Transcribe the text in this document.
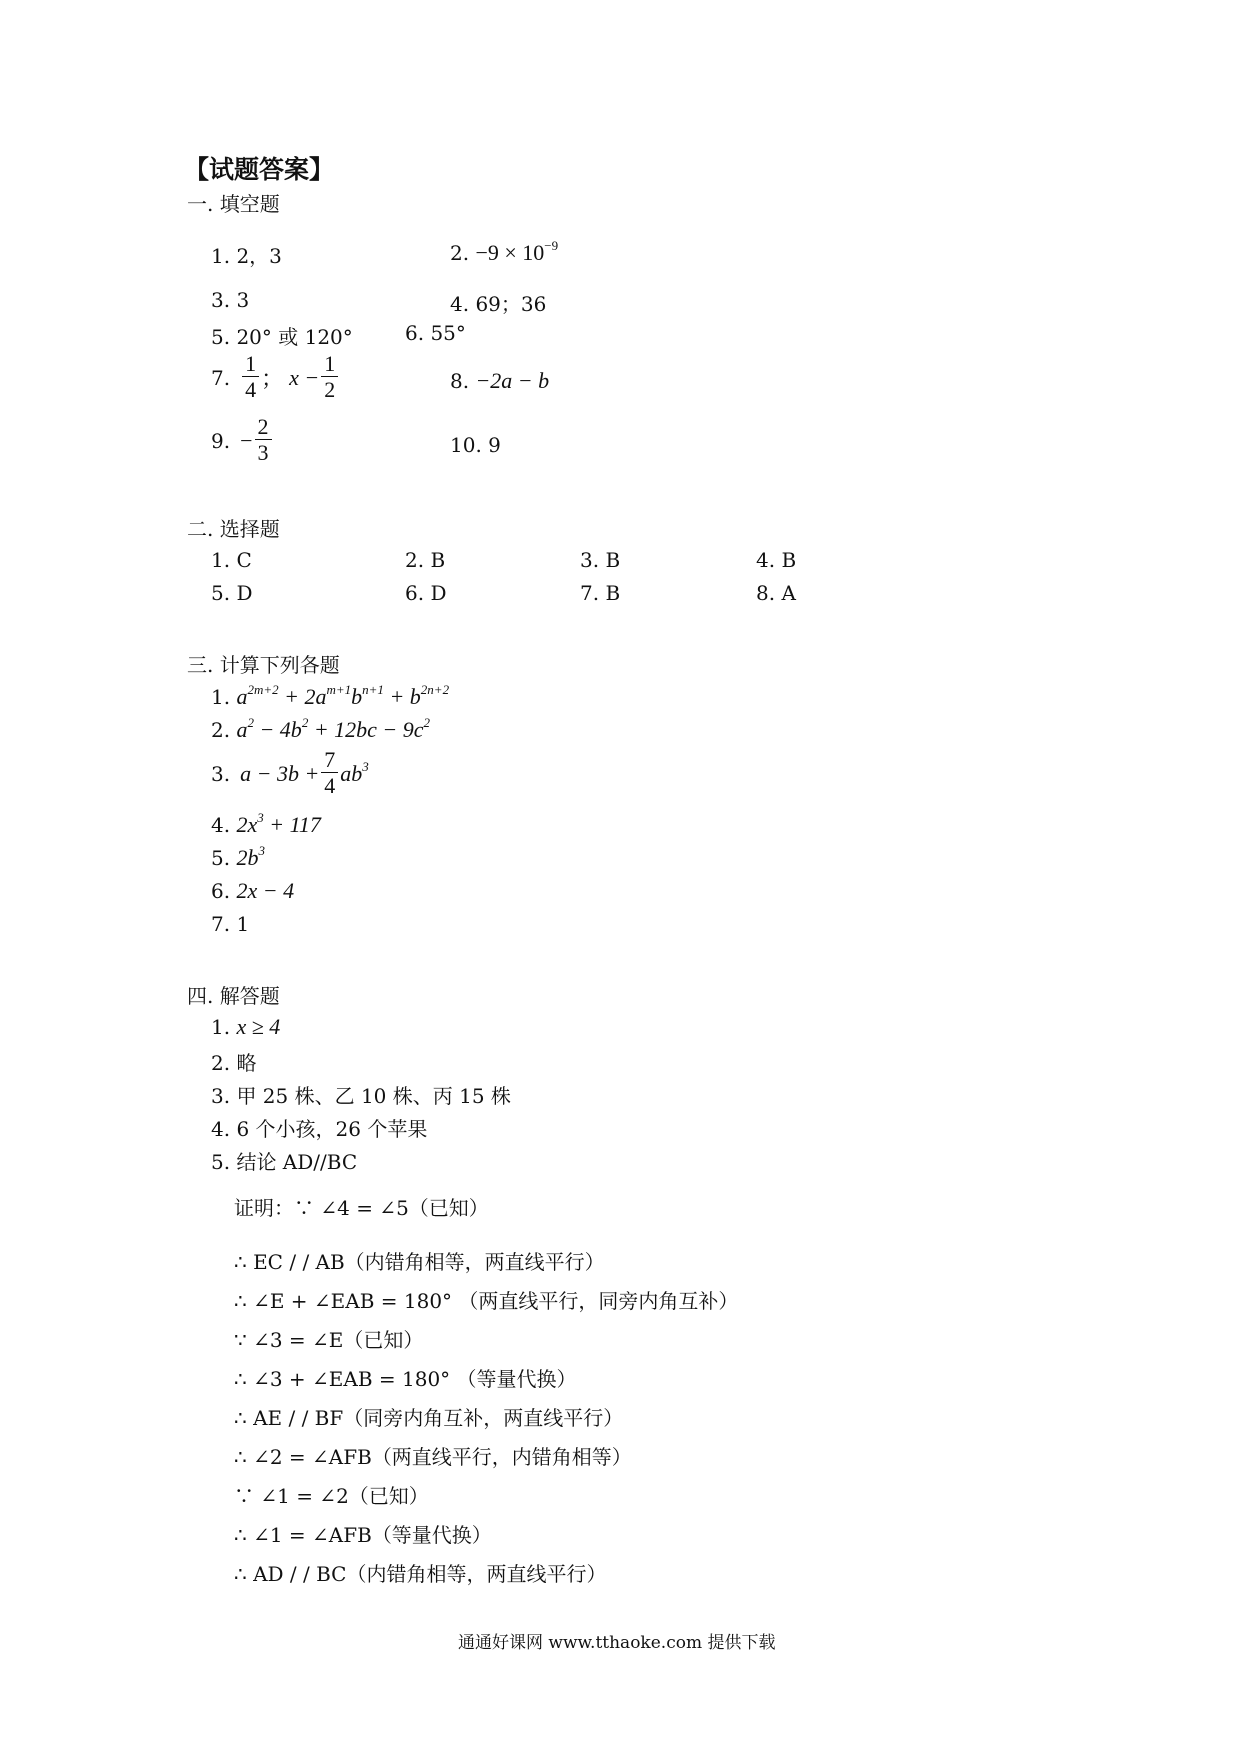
【试题答案】
一. 填空题
1. 2，3	2. $-9 \times 10^{-9}$
3. 3	4. 69；36
5. 20° 或 120°	6. 55°
7. $\frac{1}{4}$ ； $x - \frac{1}{2}$	8. −2a − b
9. − $\frac{2}{3}$	10. 9
二. 选择题
1. C	2. B	3. B	4. B
5. D	6. D	7. B	8. A
三. 计算下列各题
1. $a^{2m+2} + 2a^{m+1}b^{n+1} + b^{2n+2}$
2. $a^2 - 4b^2 + 12bc - 9c^2$
3. $a - 3b + \frac{7}{4} ab^3$
4. $2x^3 + 117$
5. $2b^3$
6. 2x − 4
7. 1
四. 解答题
1. x ≥ 4
2. 略
3. 甲 25 株、乙 10 株、丙 15 株
4. 6 个小孩，26 个苹果
5. 结论 AD//BC
证明：∵ ∠4 = ∠5（已知）
∴ EC / / AB（内错角相等，两直线平行）
∴ ∠E + ∠EAB = 180° （两直线平行，同旁内角互补）
∵ ∠3 = ∠E（已知）
∴ ∠3 + ∠EAB = 180° （等量代换）
∴ AE / / BF（同旁内角互补，两直线平行）
∴ ∠2 = ∠AFB（两直线平行，内错角相等）
∵ ∠1 = ∠2（已知）
∴ ∠1 = ∠AFB（等量代换）
∴ AD / / BC（内错角相等，两直线平行）
通通好课网 www.tthaoke.com 提供下载
